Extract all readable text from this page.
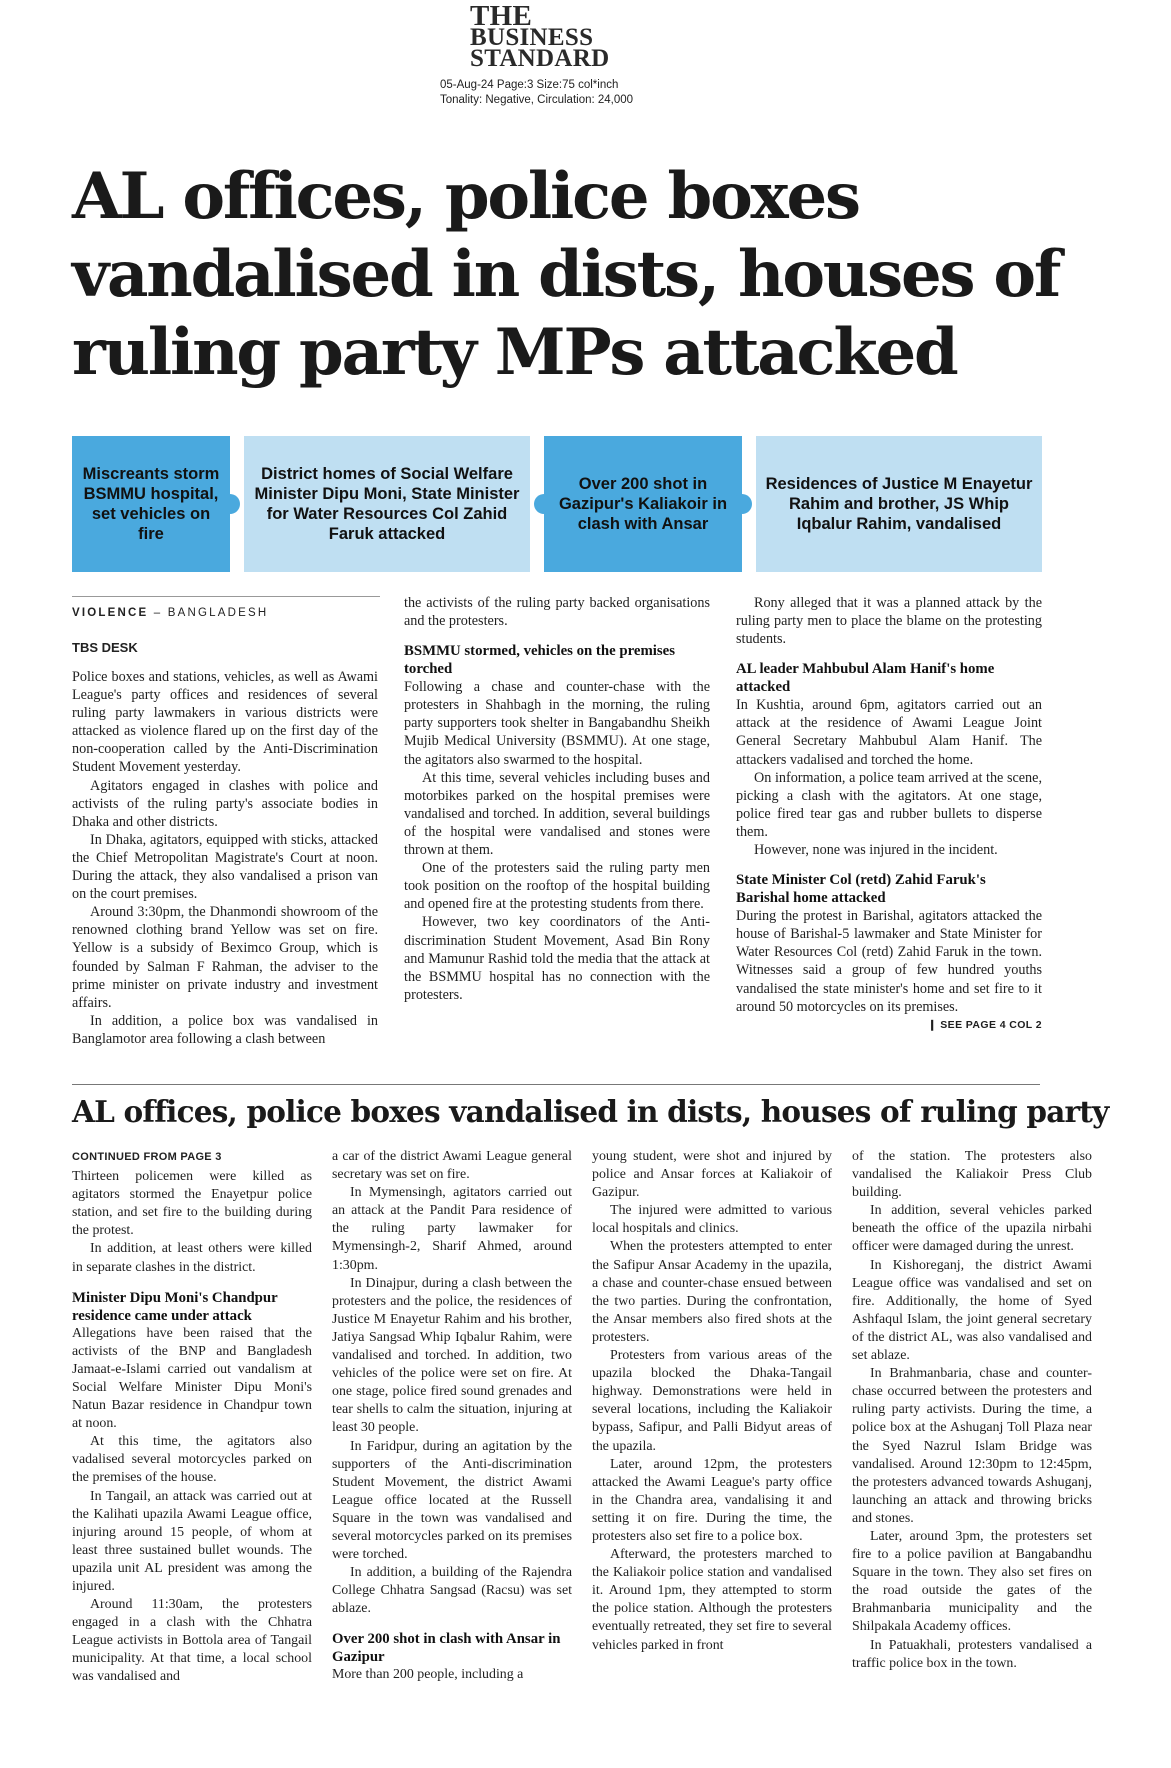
THE
BUSINESS
STANDARD
05-Aug-24 Page:3 Size:75 col*inch
Tonality: Negative, Circulation: 24,000
AL offices, police boxes vandalised in dists, houses of ruling party MPs attacked
Miscreants storm BSMMU hospital, set vehicles on fire
District homes of Social Welfare Minister Dipu Moni, State Minister for Water Resources Col Zahid Faruk attacked
Over 200 shot in Gazipur's Kaliakoir in clash with Ansar
Residences of Justice M Enayetur Rahim and brother, JS Whip Iqbalur Rahim, vandalised
VIOLENCE – BANGLADESH
TBS DESK

Police boxes and stations, vehicles, as well as Awami League's party offices and residences of several ruling party lawmakers in various districts were attacked as violence flared up on the first day of the non-cooperation called by the Anti-Discrimination Student Movement yesterday.

Agitators engaged in clashes with police and activists of the ruling party's associate bodies in Dhaka and other districts.

In Dhaka, agitators, equipped with sticks, attacked the Chief Metropolitan Magistrate's Court at noon. During the attack, they also vandalised a prison van on the court premises.

Around 3:30pm, the Dhanmondi showroom of the renowned clothing brand Yellow was set on fire. Yellow is a subsidy of Beximco Group, which is founded by Salman F Rahman, the adviser to the prime minister on private industry and investment affairs.

In addition, a police box was vandalised in Banglamotor area following a clash between

the activists of the ruling party backed organisations and the protesters.

BSMMU stormed, vehicles on the premises torched

Following a chase and counter-chase with the protesters in Shahbagh in the morning, the ruling party supporters took shelter in Bangabandhu Sheikh Mujib Medical University (BSMMU). At one stage, the agitators also swarmed to the hospital.

At this time, several vehicles including buses and motorbikes parked on the hospital premises were vandalised and torched. In addition, several buildings of the hospital were vandalised and stones were thrown at them.

One of the protesters said the ruling party men took position on the rooftop of the hospital building and opened fire at the protesting students from there.

However, two key coordinators of the Anti-discrimination Student Movement, Asad Bin Rony and Mamunur Rashid told the media that the attack at the BSMMU hospital has no connection with the protesters.

Rony alleged that it was a planned attack by the ruling party men to place the blame on the protesting students.

AL leader Mahbubul Alam Hanif's home attacked

In Kushtia, around 6pm, agitators carried out an attack at the residence of Awami League Joint General Secretary Mahbubul Alam Hanif. The attackers vadalised and torched the home.

On information, a police team arrived at the scene, picking a clash with the agitators. At one stage, police fired tear gas and rubber bullets to disperse them.

However, none was injured in the incident.

State Minister Col (retd) Zahid Faruk's Barishal home attacked

During the protest in Barishal, agitators attacked the house of Barishal-5 lawmaker and State Minister for Water Resources Col (retd) Zahid Faruk in the town. Witnesses said a group of few hundred youths vandalised the state minister's home and set fire to it around 50 motorcycles on its premises.

❙ SEE PAGE 4 COL 2
AL offices, police boxes vandalised in dists, houses of ruling party
CONTINUED FROM PAGE 3

Thirteen policemen were killed as agitators stormed the Enayetpur police station, and set fire to the building during the protest.

In addition, at least others were killed in separate clashes in the district.

Minister Dipu Moni's Chandpur residence came under attack

Allegations have been raised that the activists of the BNP and Bangladesh Jamaat-e-Islami carried out vandalism at Social Welfare Minister Dipu Moni's Natun Bazar residence in Chandpur town at noon.

At this time, the agitators also vadalised several motorcycles parked on the premises of the house.

In Tangail, an attack was carried out at the Kalihati upazila Awami League office, injuring around 15 people, of whom at least three sustained bullet wounds. The upazila unit AL president was among the injured.

Around 11:30am, the protesters engaged in a clash with the Chhatra League activists in Bottola area of Tangail municipality. At that time, a local school was vandalised and

a car of the district Awami League general secretary was set on fire.

In Mymensingh, agitators carried out an attack at the Pandit Para residence of the ruling party lawmaker for Mymensingh-2, Sharif Ahmed, around 1:30pm.

In Dinajpur, during a clash between the protesters and the police, the residences of Justice M Enayetur Rahim and his brother, Jatiya Sangsad Whip Iqbalur Rahim, were vandalised and torched. In addition, two vehicles of the police were set on fire. At one stage, police fired sound grenades and tear shells to calm the situation, injuring at least 30 people.

In Faridpur, during an agitation by the supporters of the Anti-discrimination Student Movement, the district Awami League office located at the Russell Square in the town was vandalised and several motorcycles parked on its premises were torched.

In addition, a building of the Rajendra College Chhatra Sangsad (Racsu) was set ablaze.

Over 200 shot in clash with Ansar in Gazipur

More than 200 people, including a

young student, were shot and injured by police and Ansar forces at Kaliakoir of Gazipur.

The injured were admitted to various local hospitals and clinics.

When the protesters attempted to enter the Safipur Ansar Academy in the upazila, a chase and counter-chase ensued between the two parties. During the confrontation, the Ansar members also fired shots at the protesters.

Protesters from various areas of the upazila blocked the Dhaka-Tangail highway. Demonstrations were held in several locations, including the Kaliakoir bypass, Safipur, and Palli Bidyut areas of the upazila.

Later, around 12pm, the protesters attacked the Awami League's party office in the Chandra area, vandalising it and setting it on fire. During the time, the protesters also set fire to a police box.

Afterward, the protesters marched to the Kaliakoir police station and vandalised it. Around 1pm, they attempted to storm the police station. Although the protesters eventually retreated, they set fire to several vehicles parked in front

of the station. The protesters also vandalised the Kaliakoir Press Club building.

In addition, several vehicles parked beneath the office of the upazila nirbahi officer were damaged during the unrest.

In Kishoreganj, the district Awami League office was vandalised and set on fire. Additionally, the home of Syed Ashfaqul Islam, the joint general secretary of the district AL, was also vandalised and set ablaze.

In Brahmanbaria, chase and counter-chase occurred between the protesters and ruling party activists. During the time, a police box at the Ashuganj Toll Plaza near the Syed Nazrul Islam Bridge was vandalised. Around 12:30pm to 12:45pm, the protesters advanced towards Ashuganj, launching an attack and throwing bricks and stones.

Later, around 3pm, the protesters set fire to a police pavilion at Bangabandhu Square in the town. They also set fires on the road outside the gates of the Brahmanbaria municipality and the Shilpakala Academy offices.

In Patuakhali, protesters vandalised a traffic police box in the town.
